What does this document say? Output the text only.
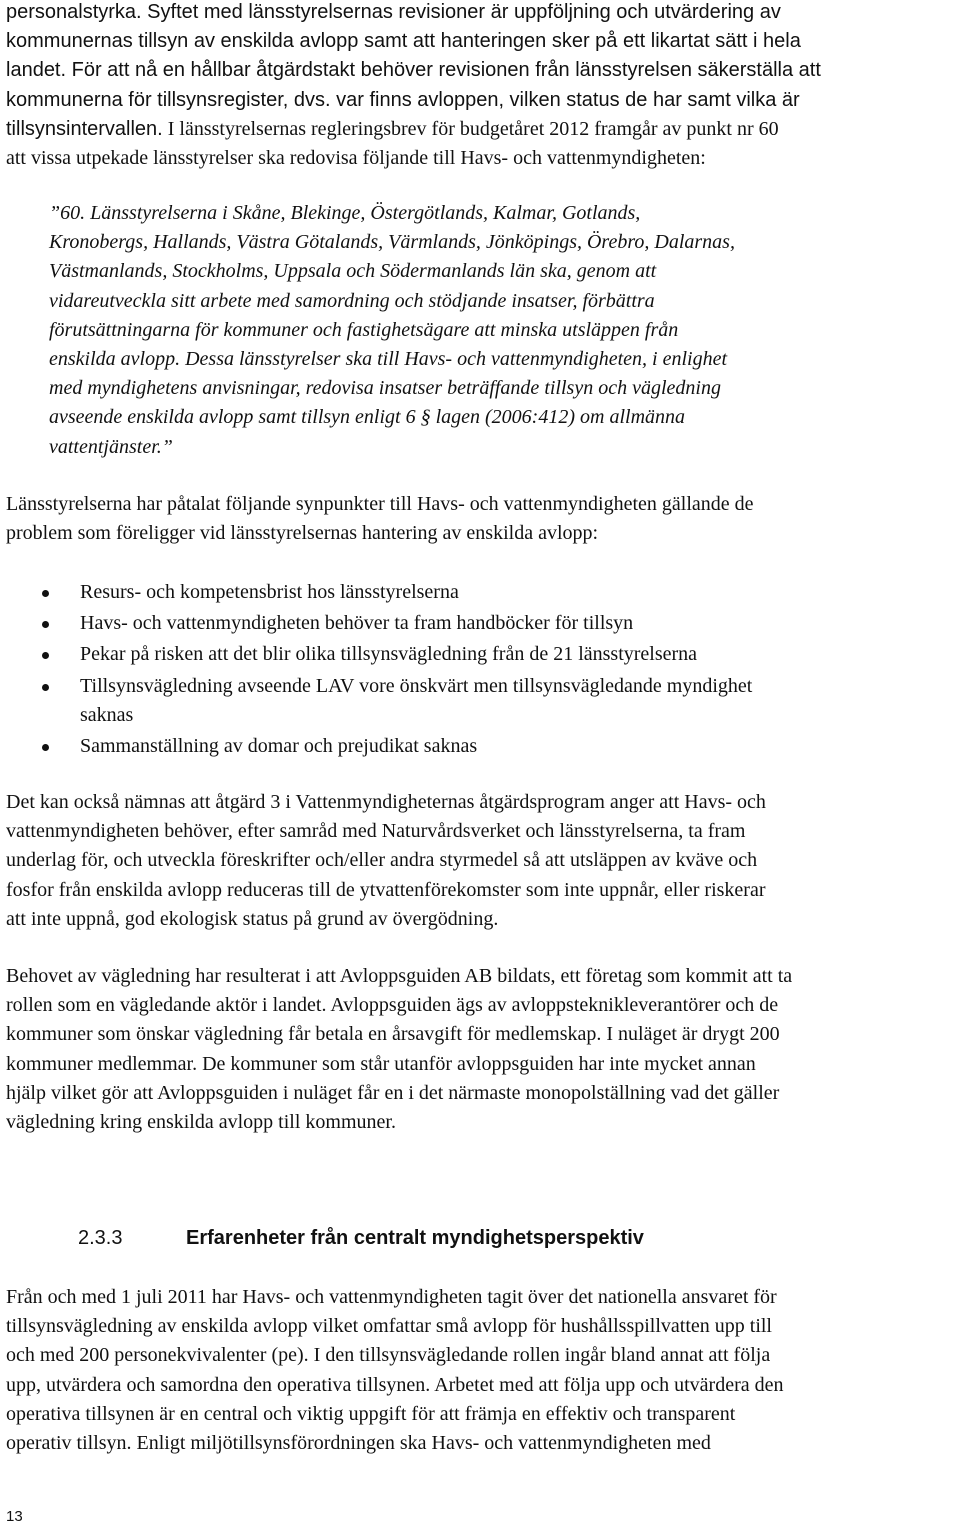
personalstyrka. Syftet med länsstyrelsernas revisioner är uppföljning och utvärdering av
kommunernas tillsyn av enskilda avlopp samt att hanteringen sker på ett likartat sätt i hela
landet. För att nå en hållbar åtgärdstakt behöver revisionen från länsstyrelsen säkerställa att
kommunerna för tillsynsregister, dvs. var finns avloppen, vilken status de har samt vilka är
tillsynsintervallen. I länsstyrelsernas regleringsbrev för budgetåret 2012 framgår av punkt nr 60
att vissa utpekade länsstyrelser ska redovisa följande till Havs- och vattenmyndigheten:
”60. Länsstyrelserna i Skåne, Blekinge, Östergötlands, Kalmar, Gotlands,
Kronobergs, Hallands, Västra Götalands, Värmlands, Jönköpings, Örebro, Dalarnas,
Västmanlands, Stockholms, Uppsala och Södermanlands län ska, genom att
vidareutveckla sitt arbete med samordning och stödjande insatser, förbättra
förutsättningarna för kommuner och fastighetsägare att minska utsläppen från
enskilda avlopp. Dessa länsstyrelser ska till Havs- och vattenmyndigheten, i enlighet
med myndighetens anvisningar, redovisa insatser beträffande tillsyn och vägledning
avseende enskilda avlopp samt tillsyn enligt 6 § lagen (2006:412) om allmänna
vattentjänster.”
Länsstyrelserna har påtalat följande synpunkter till Havs- och vattenmyndigheten gällande de
problem som föreligger vid länsstyrelsernas hantering av enskilda avlopp:
Resurs- och kompetensbrist hos länsstyrelserna
Havs- och vattenmyndigheten behöver ta fram handböcker för tillsyn
Pekar på risken att det blir olika tillsynsvägledning från de 21 länsstyrelserna
Tillsynsvägledning avseende LAV vore önskvärt men tillsynsvägledande myndighet
saknas
Sammanställning av domar och prejudikat saknas
Det kan också nämnas att åtgärd 3 i Vattenmyndigheternas åtgärdsprogram anger att Havs- och
vattenmyndigheten behöver, efter samråd med Naturvårdsverket och länsstyrelserna, ta fram
underlag för, och utveckla föreskrifter och/eller andra styrmedel så att utsläppen av kväve och
fosfor från enskilda avlopp reduceras till de ytvattenförekomster som inte uppnår, eller riskerar
att inte uppnå, god ekologisk status på grund av övergödning.
Behovet av vägledning har resulterat i att Avloppsguiden AB bildats, ett företag som kommit att ta
rollen som en vägledande aktör i landet. Avloppsguiden ägs av avloppsteknikleverantörer och de
kommuner som önskar vägledning får betala en årsavgift för medlemskap. I nuläget är drygt 200
kommuner medlemmar. De kommuner som står utanför avloppsguiden har inte mycket annan
hjälp vilket gör att Avloppsguiden i nuläget får en i det närmaste monopolställning vad det gäller
vägledning kring enskilda avlopp till kommuner.
2.3.3	Erfarenheter från centralt myndighetsperspektiv
Från och med 1 juli 2011 har Havs- och vattenmyndigheten tagit över det nationella ansvaret för
tillsynsvägledning av enskilda avlopp vilket omfattar små avlopp för hushållsspillvatten upp till
och med 200 personekvivalenter (pe). I den tillsynsvägledande rollen ingår bland annat att följa
upp, utvärdera och samordna den operativa tillsynen. Arbetet med att följa upp och utvärdera den
operativa tillsynen är en central och viktig uppgift för att främja en effektiv och transparent
operativ tillsyn. Enligt miljötillsynsförordningen ska Havs- och vattenmyndigheten med
13
